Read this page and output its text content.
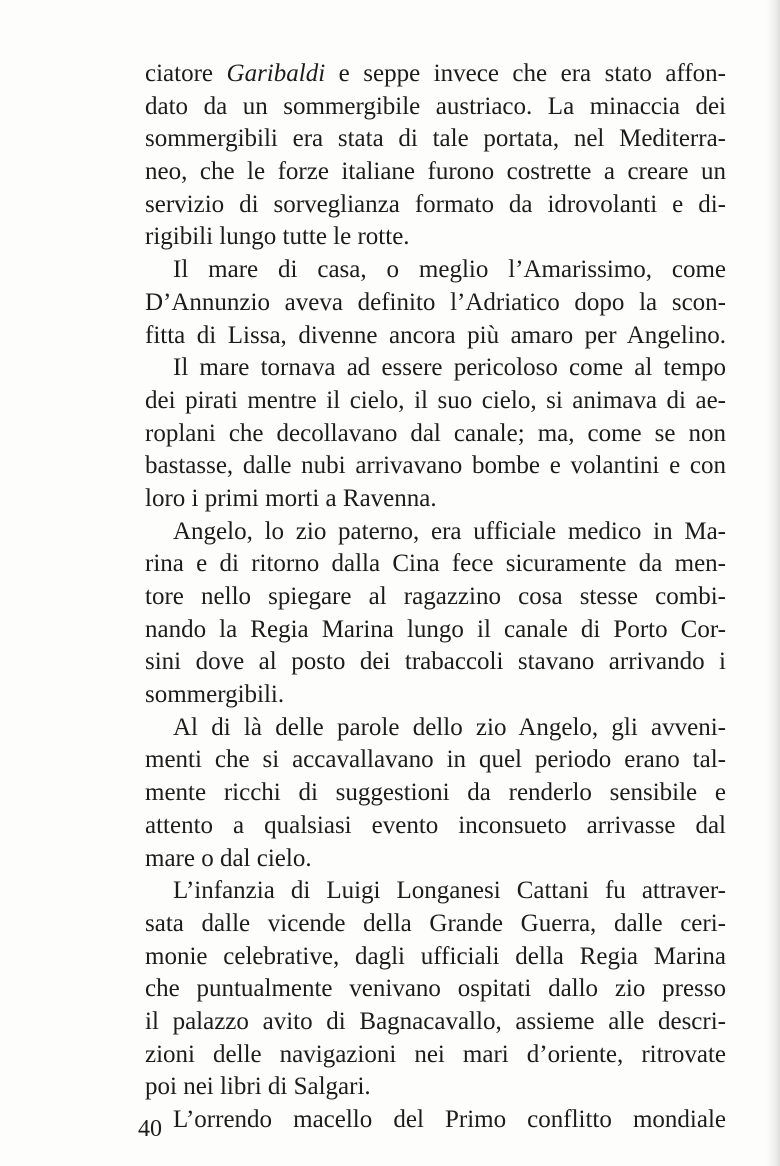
ciatore Garibaldi e seppe invece che era stato affon-
dato da un sommergibile austriaco. La minaccia dei
sommergibili era stata di tale portata, nel Mediterra-
neo, che le forze italiane furono costrette a creare un
servizio di sorveglianza formato da idrovolanti e di-
rigibili lungo tutte le rotte.
Il mare di casa, o meglio l’Amarissimo, come
D’Annunzio aveva definito l’Adriatico dopo la scon-
fitta di Lissa, divenne ancora più amaro per Angelino.
Il mare tornava ad essere pericoloso come al tempo
dei pirati mentre il cielo, il suo cielo, si animava di ae-
roplani che decollavano dal canale; ma, come se non
bastasse, dalle nubi arrivavano bombe e volantini e con
loro i primi morti a Ravenna.
Angelo, lo zio paterno, era ufficiale medico in Ma-
rina e di ritorno dalla Cina fece sicuramente da men-
tore nello spiegare al ragazzino cosa stesse combi-
nando la Regia Marina lungo il canale di Porto Cor-
sini dove al posto dei trabaccoli stavano arrivando i
sommergibili.
Al di là delle parole dello zio Angelo, gli avveni-
menti che si accavallavano in quel periodo erano tal-
mente ricchi di suggestioni da renderlo sensibile e
attento a qualsiasi evento inconsueto arrivasse dal
mare o dal cielo.
L’infanzia di Luigi Longanesi Cattani fu attraver-
sata dalle vicende della Grande Guerra, dalle ceri-
monie celebrative, dagli ufficiali della Regia Marina
che puntualmente venivano ospitati dallo zio presso
il palazzo avito di Bagnacavallo, assieme alle descri-
zioni delle navigazioni nei mari d’oriente, ritrovate
poi nei libri di Salgari.
L’orrendo macello del Primo conflitto mondiale
40
